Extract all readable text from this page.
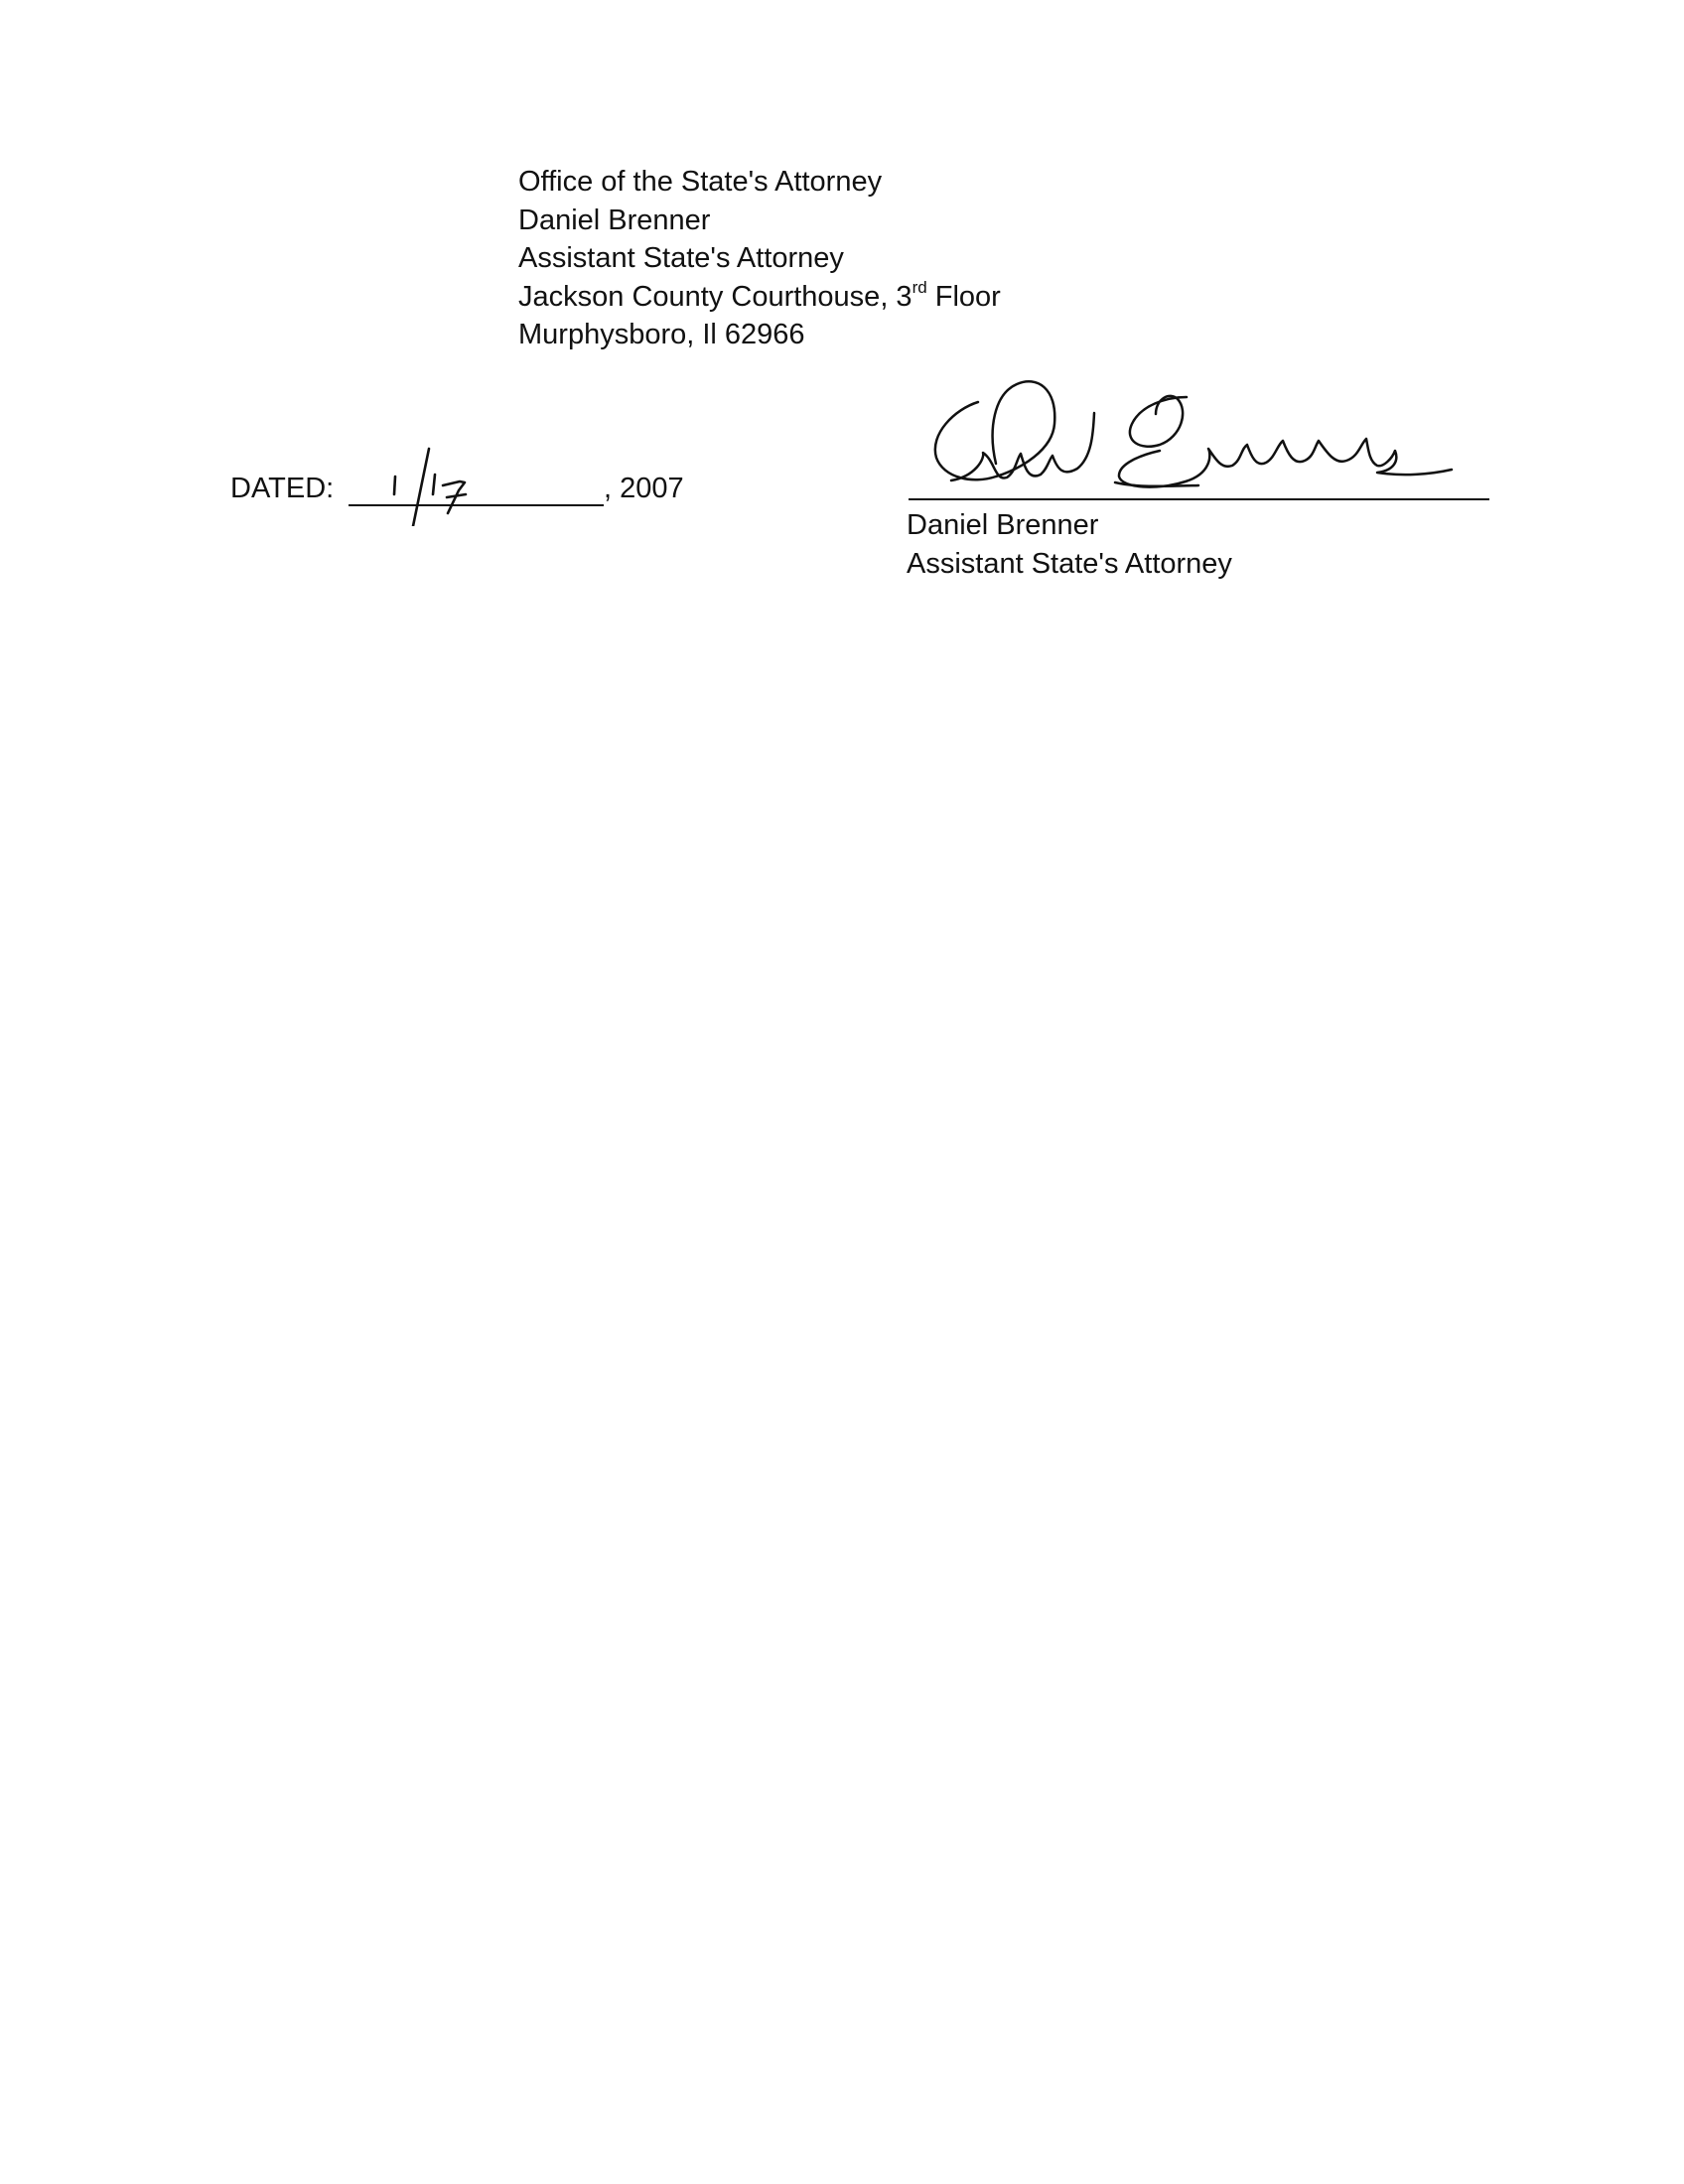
Office of the State's Attorney
Daniel Brenner
Assistant State's Attorney
Jackson County Courthouse, 3rd Floor
Murphysboro, Il 62966
DATED:	, 2007
Daniel Brenner
Assistant State's Attorney
